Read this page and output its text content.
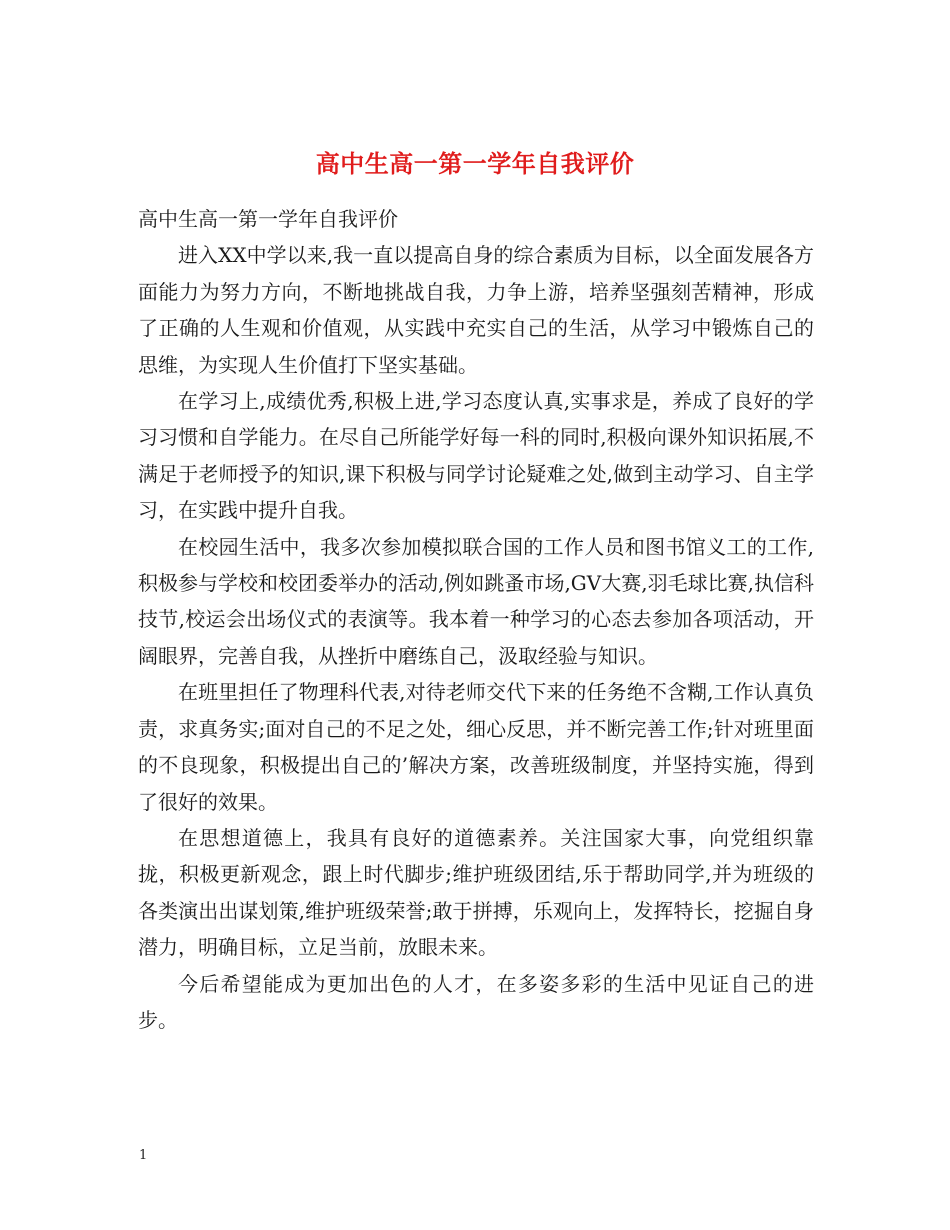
高中生高一第一学年自我评价

高中生高一第一学年自我评价

进入XX中学以来,我一直以提高自身的综合素质为目标，以全面发展各方面能力为努力方向，不断地挑战自我，力争上游，培养坚强刻苦精神，形成了正确的人生观和价值观，从实践中充实自己的生活，从学习中锻炼自己的思维，为实现人生价值打下坚实基础。

在学习上,成绩优秀,积极上进,学习态度认真,实事求是，养成了良好的学习习惯和自学能力。在尽自己所能学好每一科的同时,积极向课外知识拓展,不满足于老师授予的知识,课下积极与同学讨论疑难之处,做到主动学习、自主学习，在实践中提升自我。

在校园生活中，我多次参加模拟联合国的工作人员和图书馆义工的工作,积极参与学校和校团委举办的活动,例如跳蚤市场,GV大赛,羽毛球比赛,执信科技节,校运会出场仪式的表演等。我本着一种学习的心态去参加各项活动，开阔眼界，完善自我，从挫折中磨练自己，汲取经验与知识。

在班里担任了物理科代表,对待老师交代下来的任务绝不含糊,工作认真负责，求真务实;面对自己的不足之处，细心反思，并不断完善工作;针对班里面的不良现象，积极提出自己的’解决方案，改善班级制度，并坚持实施，得到了很好的效果。

在思想道德上，我具有良好的道德素养。关注国家大事，向党组织靠拢，积极更新观念，跟上时代脚步;维护班级团结,乐于帮助同学,并为班级的各类演出出谋划策,维护班级荣誉;敢于拼搏，乐观向上，发挥特长，挖掘自身潜力，明确目标，立足当前，放眼未来。

今后希望能成为更加出色的人才，在多姿多彩的生活中见证自己的进步。

1
